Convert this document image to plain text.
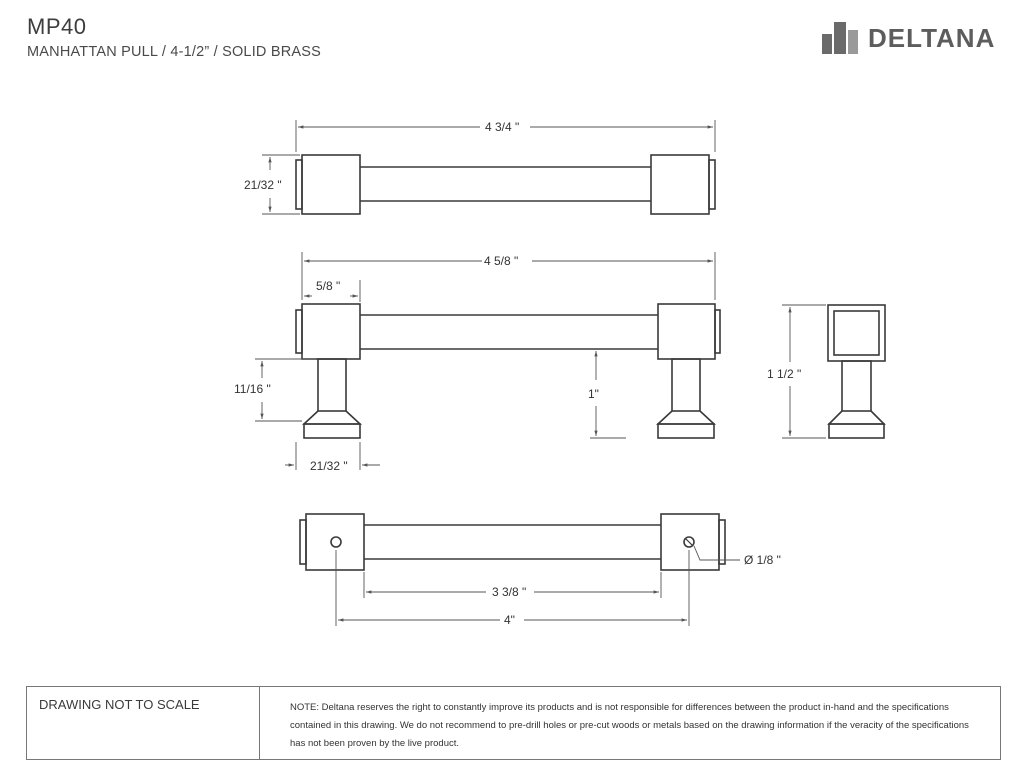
MP40
MANHATTAN PULL / 4-1/2” / SOLID BRASS	DELTANA
4 3/4 "
21/32 "
4 5/8 "
5/8 "
11/16 "
21/32 "
1"
1 1/2 "
3 3/8 "
4"
Ø 1/8 "
DRAWING NOT TO SCALE	NOTE: Deltana reserves the right to constantly improve its products and is not responsible for differences between the product in-hand and the specifications contained in this drawing. We do not recommend to pre-drill holes or pre-cut woods or metals based on the drawing information if the veracity of the specifications has not been proven by the live product.
